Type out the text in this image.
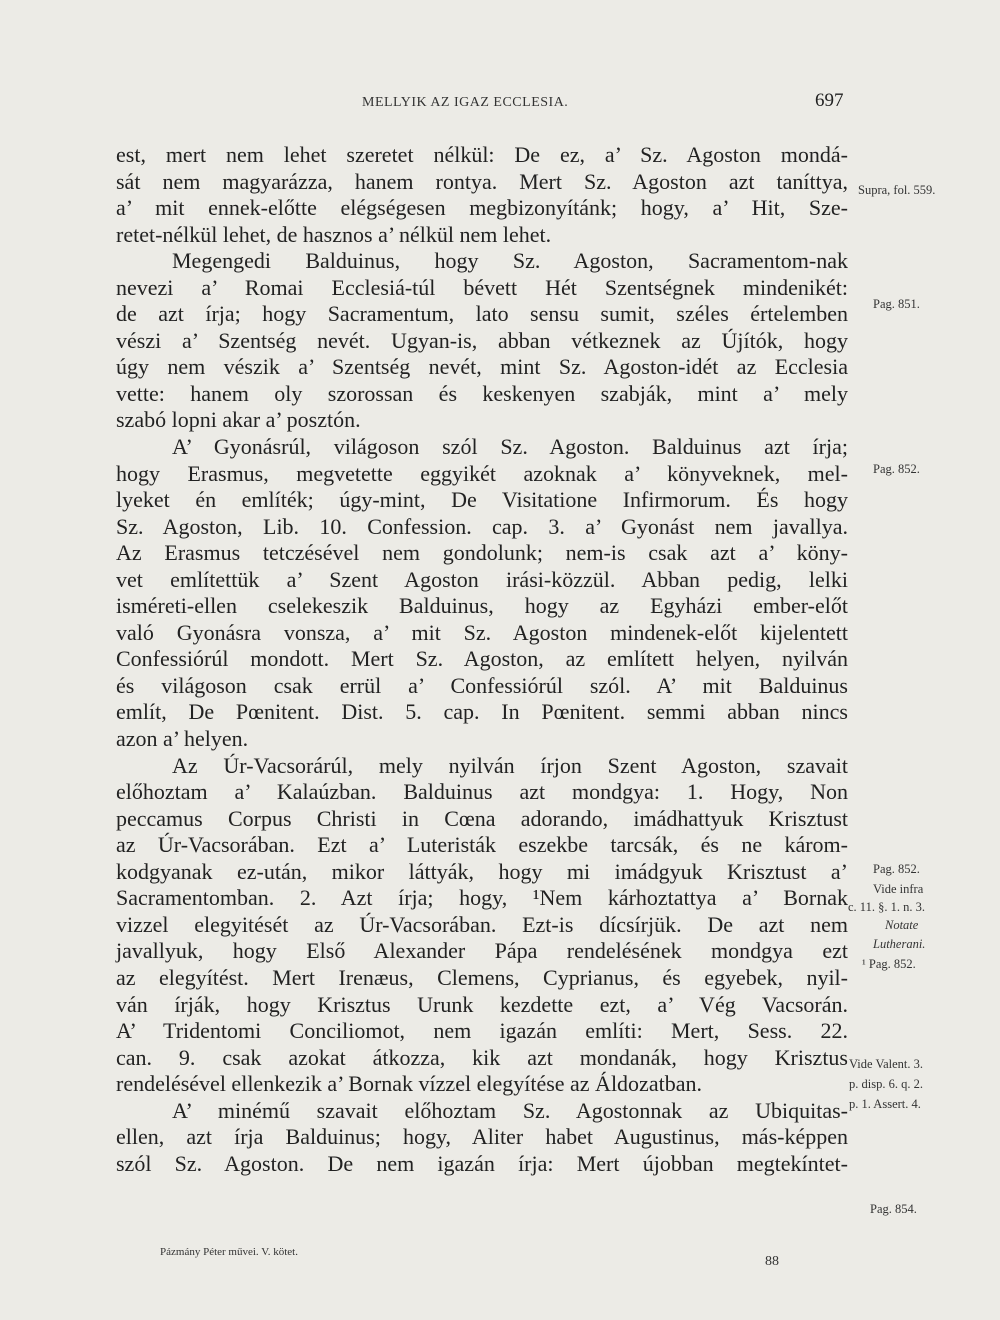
MELLYIK AZ IGAZ ECCLESIA.	697
est, mert nem lehet szeretet nélkül: De ez, a’ Sz. Agoston mondá-
sát nem magyarázza, hanem rontya. Mert Sz. Agoston azt taníttya,
a’ mit ennek-előtte elégségesen megbizonyítánk; hogy, a’ Hit, Sze-
retet-nélkül lehet, de hasznos a’ nélkül nem lehet.
Megengedi Balduinus, hogy Sz. Agoston, Sacramentom-nak
nevezi a’ Romai Ecclesiá-túl bévett Hét Szentségnek mindenikét:
de azt írja; hogy Sacramentum, lato sensu sumit, széles értelemben
vészi a’ Szentség nevét. Ugyan-is, abban vétkeznek az Újítók, hogy
úgy nem vészik a’ Szentség nevét, mint Sz. Agoston-idét az Ecclesia
vette: hanem oly szorossan és keskenyen szabják, mint a’ mely
szabó lopni akar a’ posztón.
A’ Gyonásrúl, világoson szól Sz. Agoston. Balduinus azt írja;
hogy Erasmus, megvetette eggyikét azoknak a’ könyveknek, mel-
lyeket én említék; úgy-mint, De Visitatione Infirmorum. És hogy
Sz. Agoston, Lib. 10. Confession. cap. 3. a’ Gyonást nem javallya.
Az Erasmus tetczésével nem gondolunk; nem-is csak azt a’ köny-
vet említettük a’ Szent Agoston irási-közzül. Abban pedig, lelki
isméreti-ellen cselekeszik Balduinus, hogy az Egyházi ember-előt
való Gyonásra vonsza, a’ mit Sz. Agoston mindenek-előt kijelentett
Confessiórúl mondott. Mert Sz. Agoston, az említett helyen, nyilván
és világoson csak errül a’ Confessiórúl szól. A’ mit Balduinus
említ, De Pœnitent. Dist. 5. cap. In Pœnitent. semmi abban nincs
azon a’ helyen.
Az Úr-Vacsorárúl, mely nyilván írjon Szent Agoston, szavait
előhoztam a’ Kalaúzban. Balduinus azt mondgya: 1. Hogy, Non
peccamus Corpus Christi in Cœna adorando, imádhattyuk Krisztust
az Úr-Vacsorában. Ezt a’ Luteristák eszekbe tarcsák, és ne károm-
kodgyanak ez-után, mikor láttyák, hogy mi imádgyuk Krisztust a’
Sacramentomban. 2. Azt írja; hogy, ¹Nem kárhoztattya a’ Bornak
vizzel elegyitését az Úr-Vacsorában. Ezt-is dícsírjük. De azt nem
javallyuk, hogy Első Alexander Pápa rendelésének mondgya ezt
az elegyítést. Mert Irenæus, Clemens, Cyprianus, és egyebek, nyil-
ván írják, hogy Krisztus Urunk kezdette ezt, a’ Vég Vacsorán.
A’ Tridentomi Conciliomot, nem igazán említi: Mert, Sess. 22.
can. 9. csak azokat átkozza, kik azt mondanák, hogy Krisztus
rendelésével ellenkezik a’ Bornak vízzel elegyítése az Áldozatban.
A’ minémű szavait előhoztam Sz. Agostonnak az Ubiquitas-
ellen, azt írja Balduinus; hogy, Aliter habet Augustinus, más-képpen
szól Sz. Agoston. De nem igazán írja: Mert újobban megtekíntet-
Supra, fol. 559.
Pag. 851.
Pag. 852.
Pag. 852.
Vide infra
c. 11. §. 1. n. 3.
Notate
Lutherani.
¹ Pag. 852.
Vide Valent. 3.
p. disp. 6. q. 2.
p. 1. Assert. 4.
Pag. 854.
Pázmány Péter művei. V. kötet.
88
